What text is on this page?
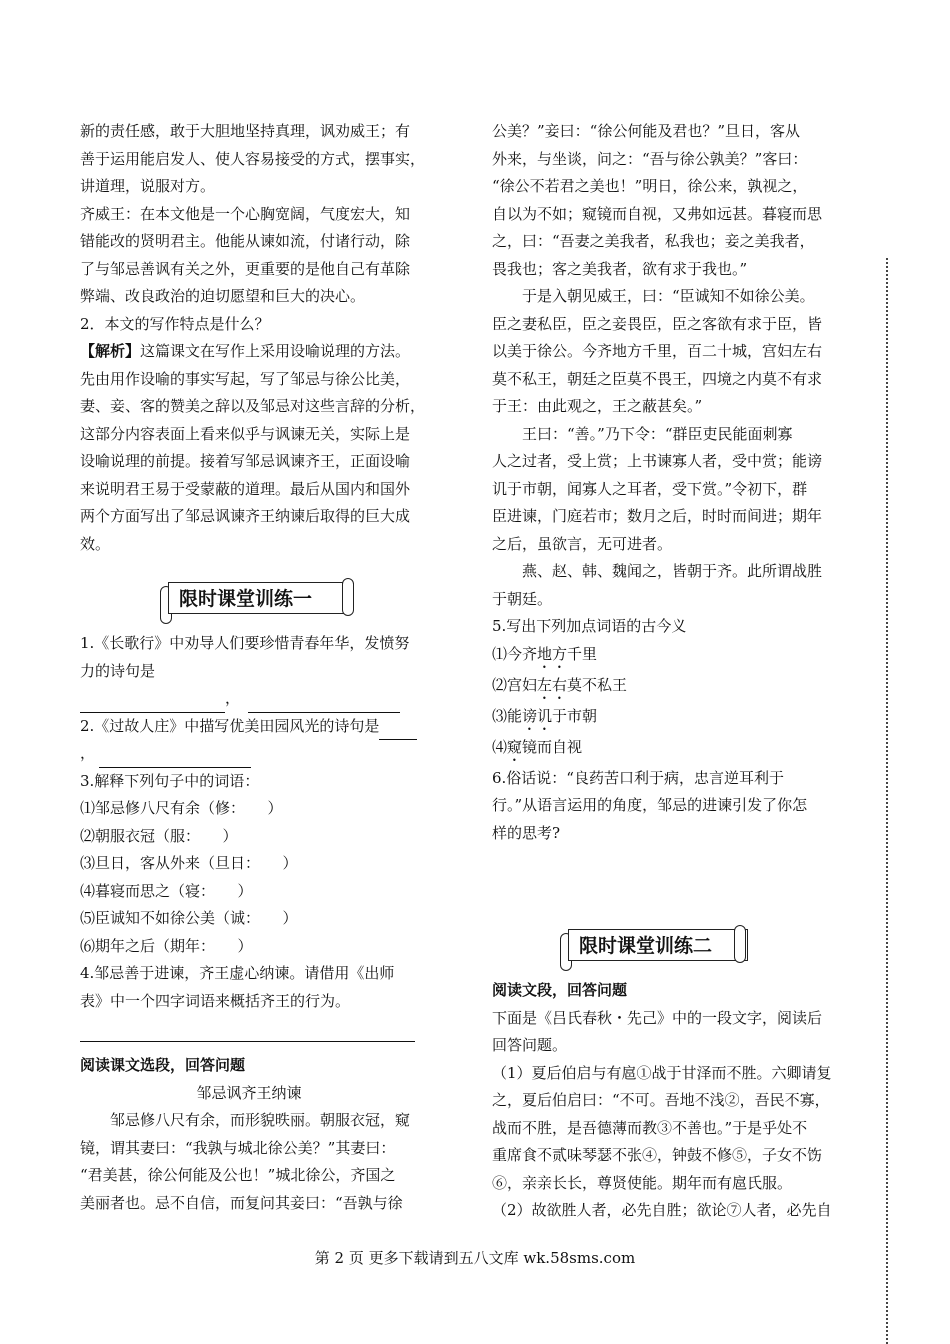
新的责任感，敢于大胆地坚持真理，讽劝威王；有

善于运用能启发人、使人容易接受的方式，摆事实，

讲道理，说服对方。

齐威王：在本文他是一个心胸宽阔，气度宏大，知

错能改的贤明君主。他能从谏如流，付诸行动，除

了与邹忌善讽有关之外，更重要的是他自己有革除

弊端、改良政治的迫切愿望和巨大的决心。

2．本文的写作特点是什么？

【解析】这篇课文在写作上采用设喻说理的方法。

先由用作设喻的事实写起，写了邹忌与徐公比美，

妻、妾、客的赞美之辞以及邹忌对这些言辞的分析，

这部分内容表面上看来似乎与讽谏无关，实际上是

设喻说理的前提。接着写邹忌讽谏齐王，正面设喻

来说明君王易于受蒙蔽的道理。最后从国内和国外

两个方面写出了邹忌讽谏齐王纳谏后取得的巨大成

效。

限时课堂训练一

1.《长歌行》中劝导人们要珍惜青春年华，发愤努

力的诗句是

，

2.《过故人庄》中描写优美田园风光的诗句是

，

3.解释下列句子中的词语：

⑴邹忌修八尺有余（修：　　）

⑵朝服衣冠（服：　　）

⑶旦日，客从外来（旦日：　　）

⑷暮寝而思之（寝：　　）

⑸臣诚知不如徐公美（诚：　　）

⑹期年之后（期年：　　）

4.邹忌善于进谏，齐王虚心纳谏。请借用《出师

表》中一个四字词语来概括齐王的行为。

阅读课文选段，回答问题

邹忌讽齐王纳谏

邹忌修八尺有余，而形貌昳丽。朝服衣冠，窥

镜，谓其妻曰：“我孰与城北徐公美？”其妻曰：

“君美甚，徐公何能及公也！”城北徐公，齐国之

美丽者也。忌不自信，而复问其妾曰：“吾孰与徐

公美？”妾曰：“徐公何能及君也？”旦日，客从

外来，与坐谈，问之：“吾与徐公孰美？”客曰：

“徐公不若君之美也！”明日，徐公来，孰视之，

自以为不如；窥镜而自视，又弗如远甚。暮寝而思

之，曰：“吾妻之美我者，私我也；妾之美我者，

畏我也；客之美我者，欲有求于我也。”

于是入朝见威王，曰：“臣诚知不如徐公美。

臣之妻私臣，臣之妾畏臣，臣之客欲有求于臣，皆

以美于徐公。今齐地方千里，百二十城，宫妇左右

莫不私王，朝廷之臣莫不畏王，四境之内莫不有求

于王：由此观之，王之蔽甚矣。”

王曰：“善。”乃下令：“群臣吏民能面刺寡

人之过者，受上赏；上书谏寡人者，受中赏；能谤

讥于市朝，闻寡人之耳者，受下赏。”令初下，群

臣进谏，门庭若市；数月之后，时时而间进；期年

之后，虽欲言，无可进者。

燕、赵、韩、魏闻之，皆朝于齐。此所谓战胜

于朝廷。

5.写出下列加点词语的古今义

⑴今齐地方千里

⑵宫妇左右莫不私王

⑶能谤讥于市朝

⑷窥镜而自视

6.俗话说：“良药苦口利于病，忠言逆耳利于

行。”从语言运用的角度，邹忌的进谏引发了你怎

样的思考?

限时课堂训练二

阅读文段，回答问题

下面是《吕氏春秋・先己》中的一段文字，阅读后

回答问题。

（1）夏后伯启与有扈①战于甘泽而不胜。六卿请复

之，夏后伯启曰：“不可。吾地不浅②，吾民不寡，

战而不胜，是吾德薄而教③不善也。”于是乎处不

重席食不贰味琴瑟不张④，钟鼓不修⑤，子女不饬

⑥，亲亲长长，尊贤使能。期年而有扈氏服。

（2）故欲胜人者，必先自胜；欲论⑦人者，必先自

第 2 页 更多下载请到五八文库 wk.58sms.com
